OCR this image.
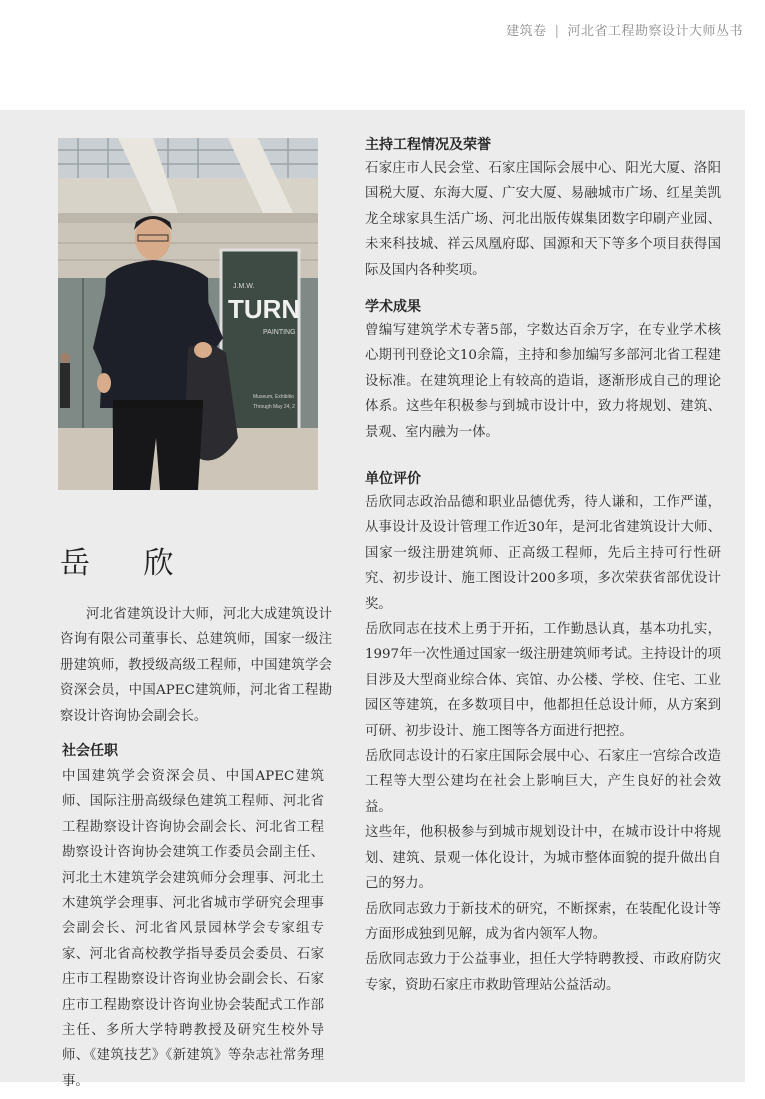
建筑卷 | 河北省工程勘察设计大师丛书
J.M.W.
TURN
PAINTING
Museum, Exhibitio
Through May 24, 2
岳 欣
河北省建筑设计大师，河北大成建筑设计咨询有限公司董事长、总建筑师，国家一级注册建筑师，教授级高级工程师，中国建筑学会资深会员，中国APEC建筑师，河北省工程勘察设计咨询协会副会长。
社会任职
中国建筑学会资深会员、中国APEC建筑师、国际注册高级绿色建筑工程师、河北省工程勘察设计咨询协会副会长、河北省工程勘察设计咨询协会建筑工作委员会副主任、河北土木建筑学会建筑师分会理事、河北土木建筑学会理事、河北省城市学研究会理事会副会长、河北省风景园林学会专家组专家、河北省高校教学指导委员会委员、石家庄市工程勘察设计咨询业协会副会长、石家庄市工程勘察设计咨询业协会装配式工作部主任、多所大学特聘教授及研究生校外导师、《建筑技艺》《新建筑》等杂志社常务理事。
主持工程情况及荣誉
石家庄市人民会堂、石家庄国际会展中心、阳光大厦、洛阳国税大厦、东海大厦、广安大厦、易融城市广场、红星美凯龙全球家具生活广场、河北出版传媒集团数字印刷产业园、未来科技城、祥云凤凰府邸、国源和天下等多个项目获得国际及国内各种奖项。
学术成果
曾编写建筑学术专著5部，字数达百余万字，在专业学术核心期刊刊登论文10余篇，主持和参加编写多部河北省工程建设标准。在建筑理论上有较高的造诣，逐渐形成自己的理论体系。这些年积极参与到城市设计中，致力将规划、建筑、景观、室内融为一体。
单位评价

岳欣同志政治品德和职业品德优秀，待人谦和，工作严谨，从事设计及设计管理工作近30年，是河北省建筑设计大师、国家一级注册建筑师、正高级工程师，先后主持可行性研究、初步设计、施工图设计200多项，多次荣获省部优设计奖。

岳欣同志在技术上勇于开拓，工作勤恳认真，基本功扎实，1997年一次性通过国家一级注册建筑师考试。主持设计的项目涉及大型商业综合体、宾馆、办公楼、学校、住宅、工业园区等建筑，在多数项目中，他都担任总设计师，从方案到可研、初步设计、施工图等各方面进行把控。

岳欣同志设计的石家庄国际会展中心、石家庄一宫综合改造工程等大型公建均在社会上影响巨大，产生良好的社会效益。

这些年，他积极参与到城市规划设计中，在城市设计中将规划、建筑、景观一体化设计，为城市整体面貌的提升做出自己的努力。

岳欣同志致力于新技术的研究，不断探索，在装配化设计等方面形成独到见解，成为省内领军人物。

岳欣同志致力于公益事业，担任大学特聘教授、市政府防灾专家，资助石家庄市救助管理站公益活动。
